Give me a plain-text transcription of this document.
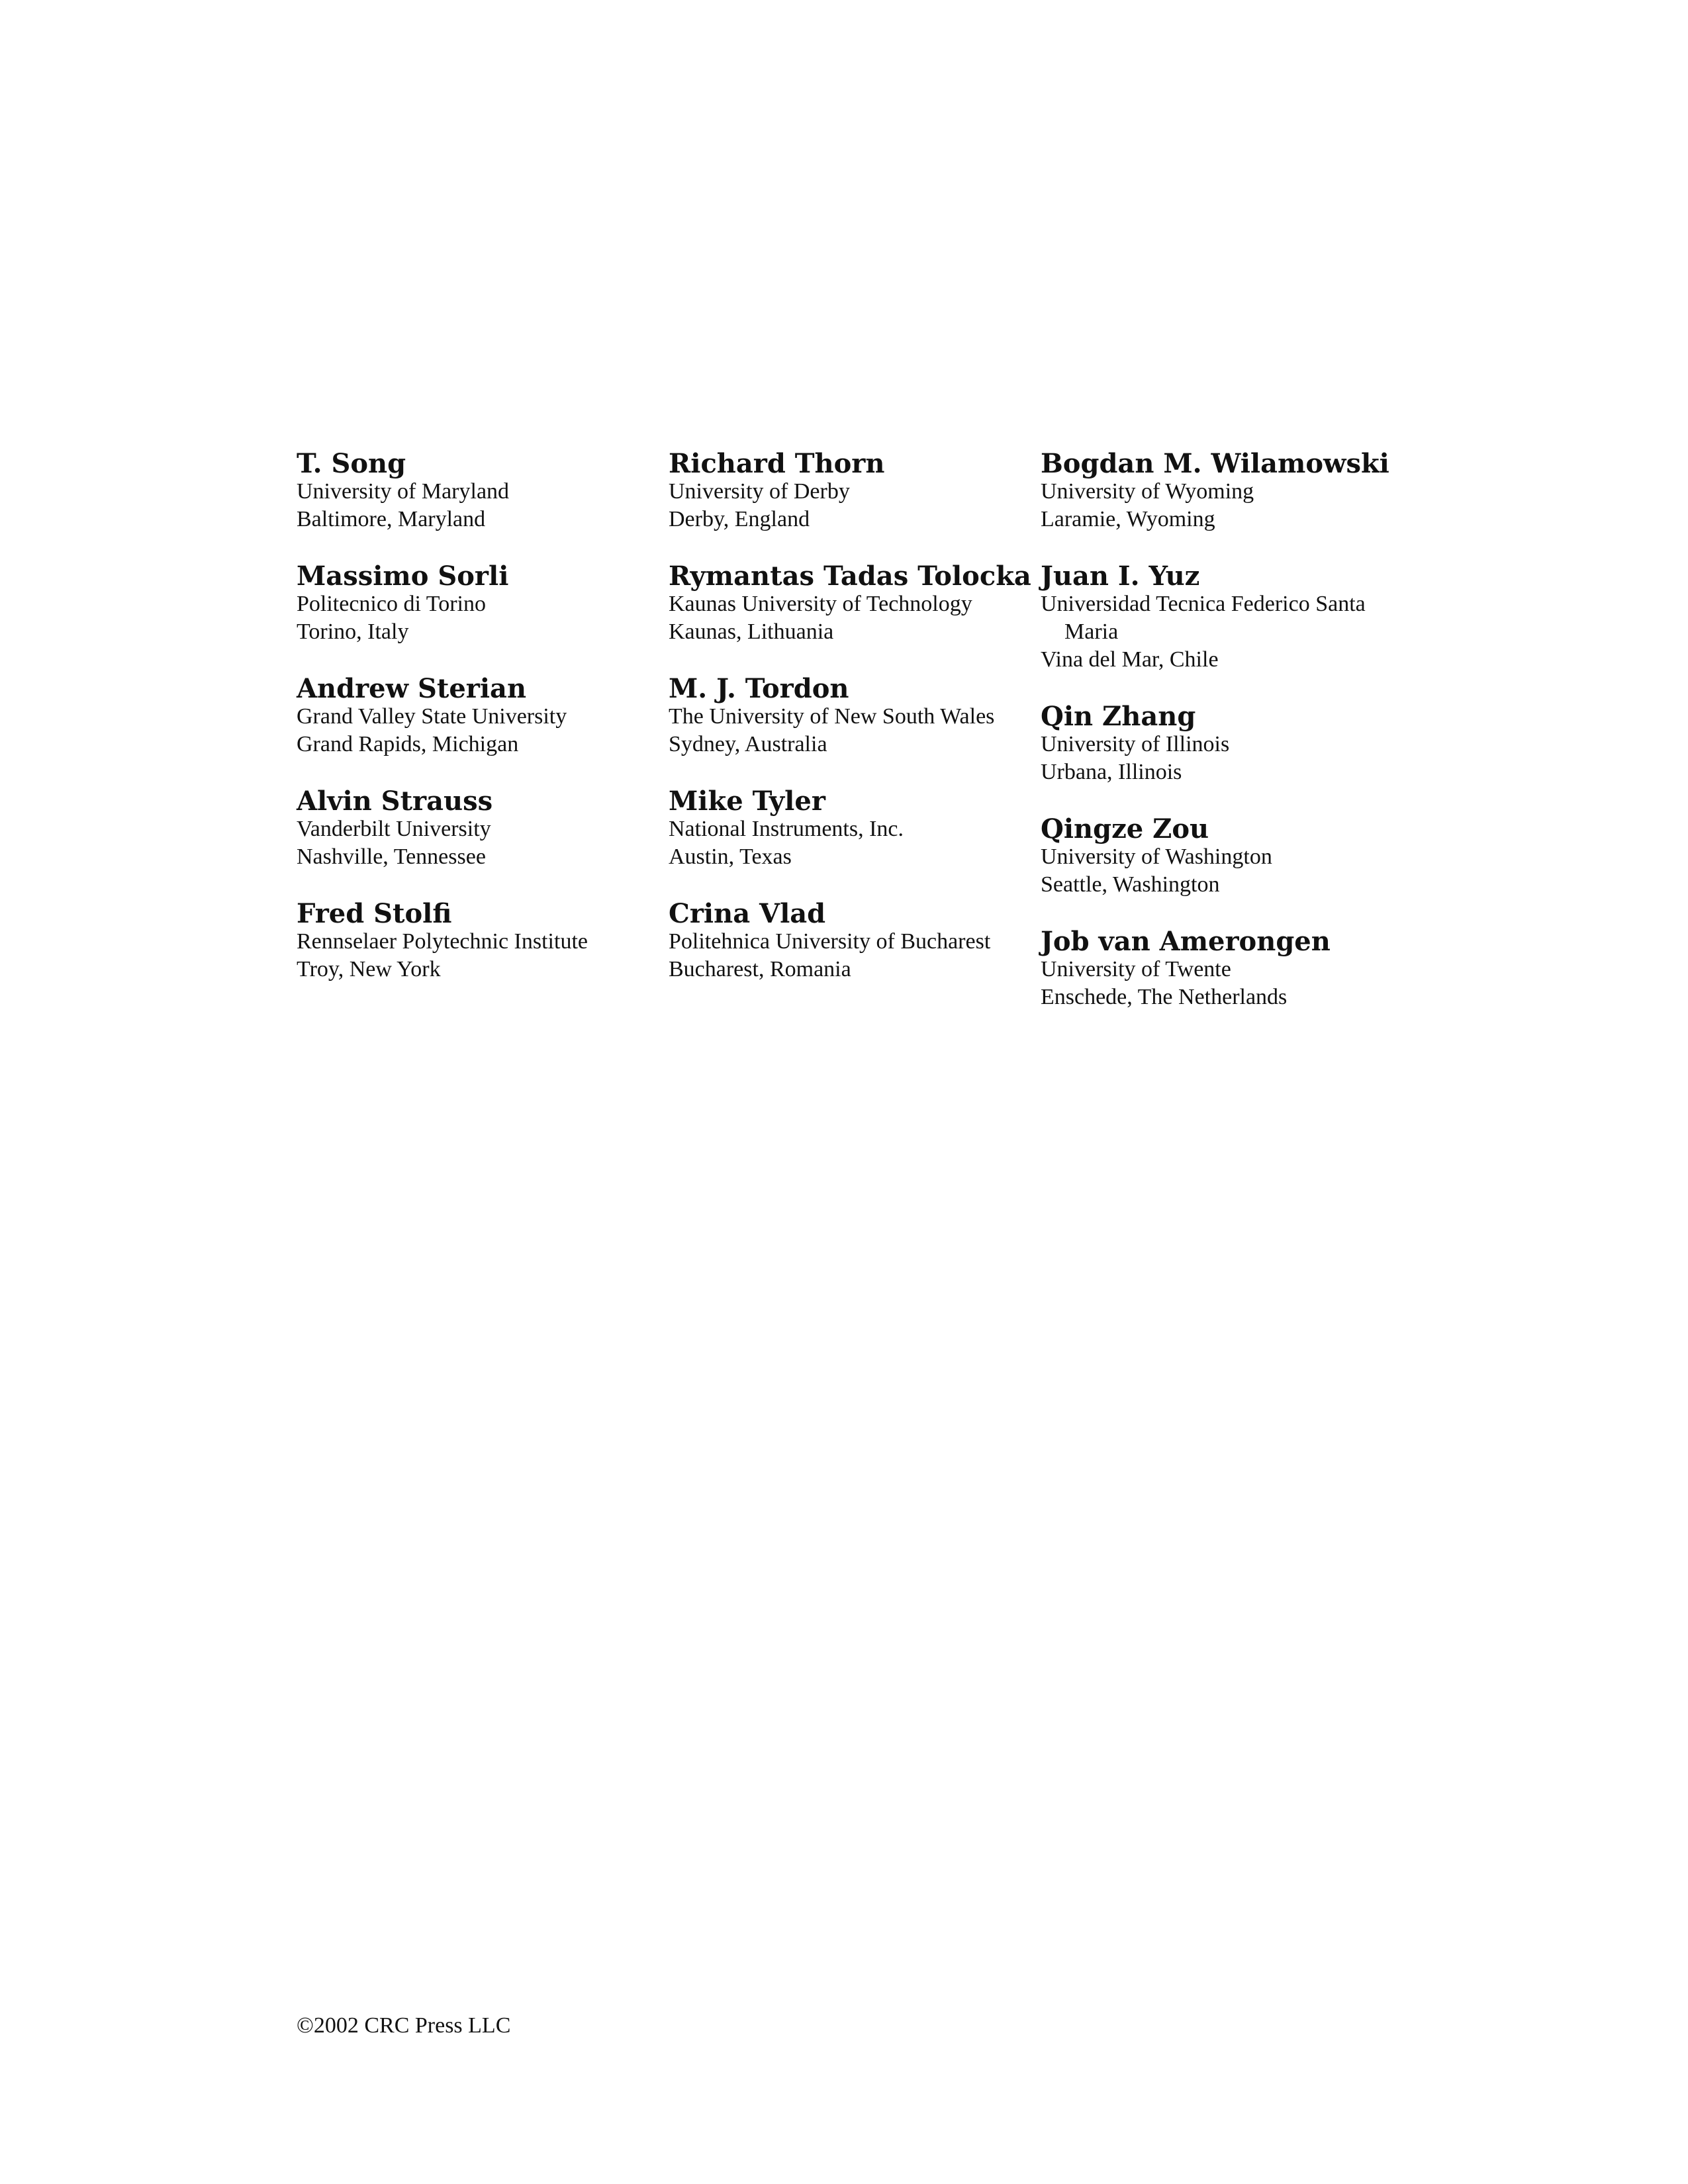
T. Song
University of Maryland
Baltimore, Maryland
Massimo Sorli
Politecnico di Torino
Torino, Italy
Andrew Sterian
Grand Valley State University
Grand Rapids, Michigan
Alvin Strauss
Vanderbilt University
Nashville, Tennessee
Fred Stolfi
Rennselaer Polytechnic Institute
Troy, New York
Richard Thorn
University of Derby
Derby, England
Rymantas Tadas Tolocka
Kaunas University of Technology
Kaunas, Lithuania
M. J. Tordon
The University of New South Wales
Sydney, Australia
Mike Tyler
National Instruments, Inc.
Austin, Texas
Crina Vlad
Politehnica University of Bucharest
Bucharest, Romania
Bogdan M. Wilamowski
University of Wyoming
Laramie, Wyoming
Juan I. Yuz
Universidad Tecnica Federico Santa
Maria
Vina del Mar, Chile
Qin Zhang
University of Illinois
Urbana, Illinois
Qingze Zou
University of Washington
Seattle, Washington
Job van Amerongen
University of Twente
Enschede, The Netherlands
©2002 CRC Press LLC
